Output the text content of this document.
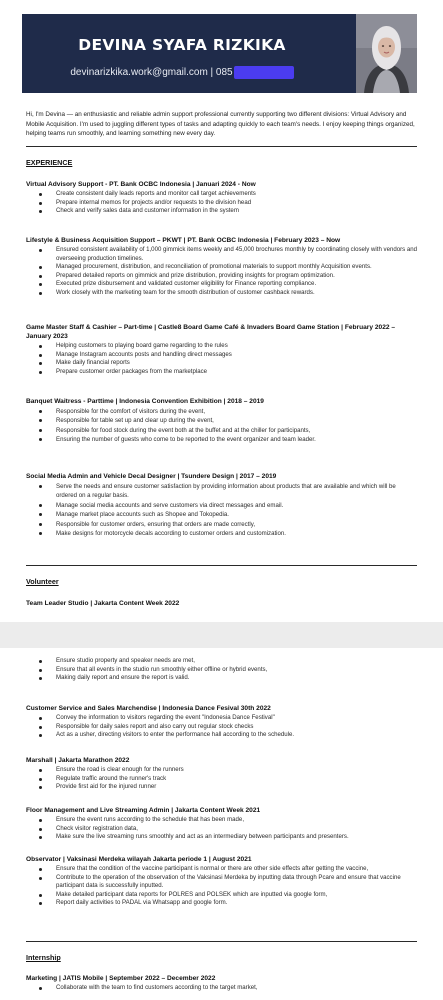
DEVINA SYAFA RIZKIKA
devinarizkika.work@gmail.com | 085
Hi, I'm Devina — an enthusiastic and reliable admin support professional currently supporting two different divisions: Virtual Advisory and Mobile Acquisition. I'm used to juggling different types of tasks and adapting quickly to each team's needs. I enjoy keeping things organized, helping teams run smoothly, and learning something new every day.
EXPERIENCE
Virtual Advisory Support - PT. Bank OCBC Indonesia | Januari 2024 - Now
Create consistent daily leads reports and monitor call target achievements
Prepare internal memos for projects and/or requests to the division head
Check and verify sales data and customer information in the system
Lifestyle & Business Acquisition Support – PKWT | PT. Bank OCBC Indonesia | February 2023 – Now
Ensured consistent availability of 1,000 gimmick items weekly and 45,000 brochures monthly by coordinating closely with vendors and overseeing production timelines.
Managed procurement, distribution, and reconciliation of promotional materials to support monthly Acquisition events.
Prepared detailed reports on gimmick and prize distribution, providing insights for program optimization.
Executed prize disbursement and validated customer eligibility for Finance reporting compliance.
Work closely with the marketing team for the smooth distribution of customer cashback rewards.
Game Master Staff & Cashier – Part-time | Castle8 Board Game Café & Invaders Board Game Station | February 2022 – January 2023
Helping customers to playing board game regarding to the rules
Manage Instagram accounts posts and handling direct messages
Make daily financial reports
Prepare customer order packages from the marketplace
Banquet Waitress - Parttime | Indonesia Convention Exhibition | 2018 – 2019
Responsible for the comfort of visitors during the event,
Responsible for table set up and clear up during the event,
Responsible for food stock during the event both at the buffet and at the chiller for participants,
Ensuring the number of guests who come to be reported to the event organizer and team leader.
Social Media Admin and Vehicle Decal Designer | Tsundere Design | 2017 – 2019
Serve the needs and ensure customer satisfaction by providing information about products that are available and which will be ordered on a regular basis.
Manage social media accounts and serve customers via direct messages and email.
Manage market place accounts such as Shopee and Tokopedia.
Responsible for customer orders, ensuring that orders are made correctly,
Make designs for motorcycle decals according to customer orders and customization.
Volunteer
Team Leader Studio | Jakarta Content Week 2022
Ensure studio property and speaker needs are met,
Ensure that all events in the studio run smoothly either offline or hybrid events,
Making daily report and ensure the report is valid.
Customer Service and Sales Marchendise | Indonesia Dance Fesival 30th 2022
Convey the information to visitors regarding the event "Indonesia Dance Festival"
Responsible for daily sales report and also carry out regular stock checks
Act as a usher, directing visitors to enter the performance hall according to the schedule.
Marshall | Jakarta Marathon 2022
Ensure the road is clear enough for the runners
Regulate traffic around the runner's track
Provide first aid for the injured runner
Floor Management and Live Streaming Admin | Jakarta Content Week 2021
Ensure the event runs according to the schedule that has been made,
Check visitor registration data,
Make sure the live streaming runs smoothly and act as an intermediary between participants and presenters.
Observator | Vaksinasi Merdeka wilayah Jakarta periode 1 | August 2021
Ensure that the condition of the vaccine participant is normal or there are other side effects after getting the vaccine,
Contribute to the operation of the observation of the Vaksinasi Merdeka by inputting data through Pcare and ensure that vaccine participant data is successfully inputted.
Make detailed participant data reports for POLRES and POLSEK which are inputted via google form,
Report daily activities to PADAL via Whatsapp and google form.
Internship
Marketing | JATIS Mobile | September 2022 – December 2022
Collaborate with the team to find customers according to the target market,
